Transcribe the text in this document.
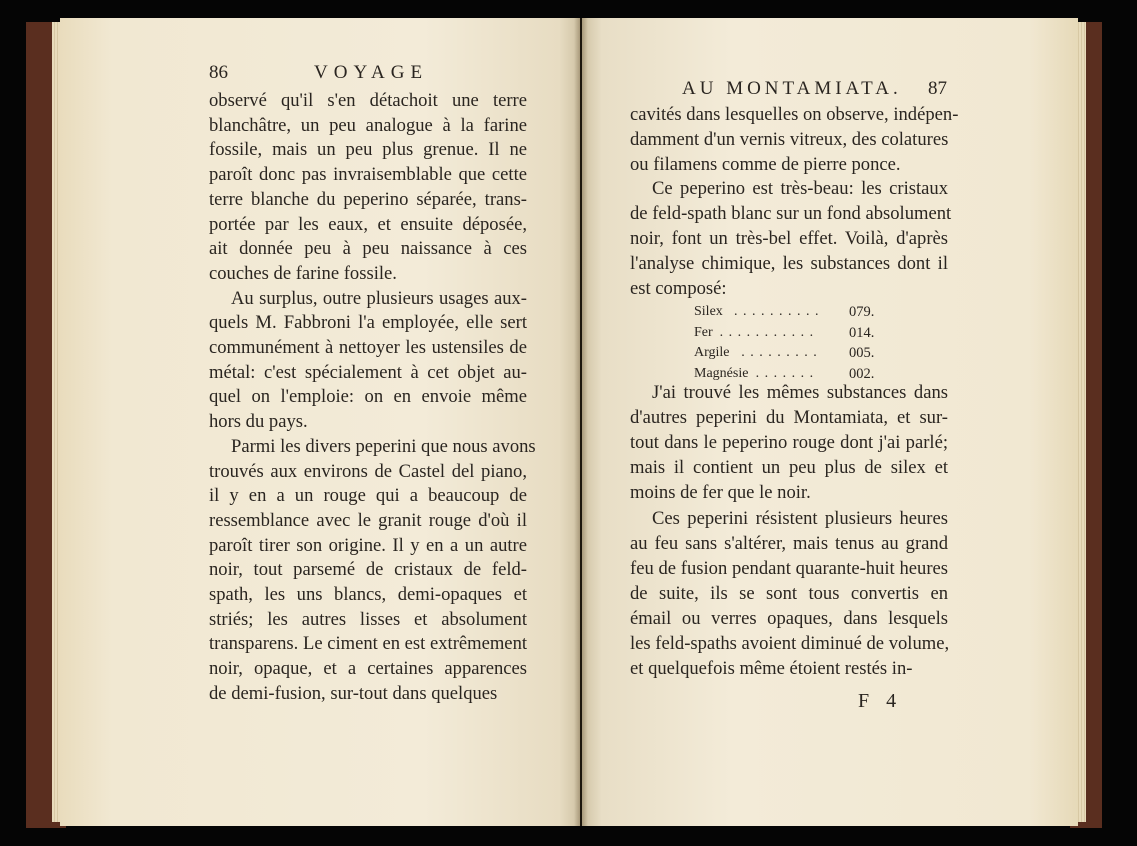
86	VOYAGE
observé qu'il s'en détachoit une terre
blanchâtre, un peu analogue à la farine
fossile, mais un peu plus grenue. Il ne
paroît donc pas invraisemblable que cette
terre blanche du peperino séparée, trans-
portée par les eaux, et ensuite déposée,
ait donnée peu à peu naissance à ces
couches de farine fossile.
Au surplus, outre plusieurs usages aux-
quels M. Fabbroni l'a employée, elle sert
communément à nettoyer les ustensiles de
métal: c'est spécialement à cet objet au-
quel on l'emploie: on en envoie même
hors du pays.
Parmi les divers peperini que nous avons
trouvés aux environs de Castel del piano,
il y en a un rouge qui a beaucoup de
ressemblance avec le granit rouge d'où il
paroît tirer son origine. Il y en a un autre
noir, tout parsemé de cristaux de feld-
spath, les uns blancs, demi-opaques et
striés; les autres lisses et absolument
transparens. Le ciment en est extrêmement
noir, opaque, et a certaines apparences
de demi-fusion, sur-tout dans quelques
AU MONTAMIATA. 87
cavités dans lesquelles on observe, indépen-
damment d'un vernis vitreux, des colatures
ou filamens comme de pierre ponce.
Ce peperino est très-beau: les cristaux
de feld-spath blanc sur un fond absolument
noir, font un très-bel effet. Voilà, d'après
l'analyse chimique, les substances dont il
est composé:
Silex . . . . . . . . . . 079.
Fer . . . . . . . . . . . 014.
Argile . . . . . . . . . 005.
Magnésie . . . . . . . 002.
J'ai trouvé les mêmes substances dans
d'autres peperini du Montamiata, et sur-
tout dans le peperino rouge dont j'ai parlé;
mais il contient un peu plus de silex et
moins de fer que le noir.
Ces peperini résistent plusieurs heures
au feu sans s'altérer, mais tenus au grand
feu de fusion pendant quarante-huit heures
de suite, ils se sont tous convertis en
émail ou verres opaques, dans lesquels
les feld-spaths avoient diminué de volume,
et quelquefois même étoient restés in-
F 4
